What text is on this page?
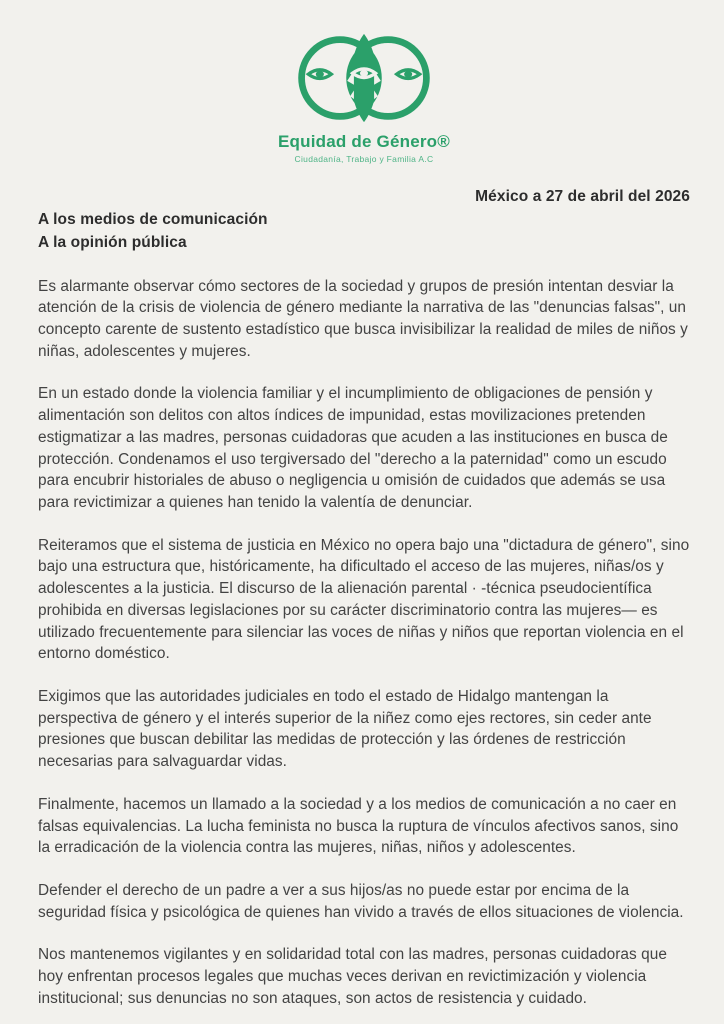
Equidad de Género®
Ciudadanía, Trabajo y Familia A.C
México a 27 de abril del 2026
A los medios de comunicación
A la opinión pública

Es alarmante observar cómo sectores de la sociedad y grupos de presión intentan desviar la atención de la crisis de violencia de género mediante la narrativa de las "denuncias falsas", un concepto carente de sustento estadístico que busca invisibilizar la realidad de miles de niños y niñas, adolescentes y mujeres.

En un estado donde la violencia familiar y el incumplimiento de obligaciones de pensión y alimentación son delitos con altos índices de impunidad, estas movilizaciones pretenden estigmatizar a las madres, personas cuidadoras que acuden a las instituciones en busca de protección. Condenamos el uso tergiversado del "derecho a la paternidad" como un escudo para encubrir historiales de abuso o negligencia u omisión de cuidados que además se usa para revictimizar a quienes han tenido la valentía de denunciar.

Reiteramos que el sistema de justicia en México no opera bajo una "dictadura de género", sino bajo una estructura que, históricamente, ha dificultado el acceso de las mujeres, niñas/os y adolescentes a la justicia. El discurso de la alienación parental · -técnica pseudocientífica prohibida en diversas legislaciones por su carácter discriminatorio contra las mujeres— es utilizado frecuentemente para silenciar las voces de niñas y niños que reportan violencia en el entorno doméstico.

Exigimos que las autoridades judiciales en todo el estado de Hidalgo mantengan la perspectiva de género y el interés superior de la niñez como ejes rectores, sin ceder ante presiones que buscan debilitar las medidas de protección y las órdenes de restricción necesarias para salvaguardar vidas.

Finalmente, hacemos un llamado a la sociedad y a los medios de comunicación a no caer en falsas equivalencias. La lucha feminista no busca la ruptura de vínculos afectivos sanos, sino la erradicación de la violencia contra las mujeres, niñas, niños y adolescentes.

Defender el derecho de un padre a ver a sus hijos/as no puede estar por encima de la seguridad física y psicológica de quienes han vivido a través de ellos situaciones de violencia.

Nos mantenemos vigilantes y en solidaridad total con las madres, personas cuidadoras que hoy enfrentan procesos legales que muchas veces derivan en revictimización y violencia institucional; sus denuncias no son ataques, son actos de resistencia y cuidado.
